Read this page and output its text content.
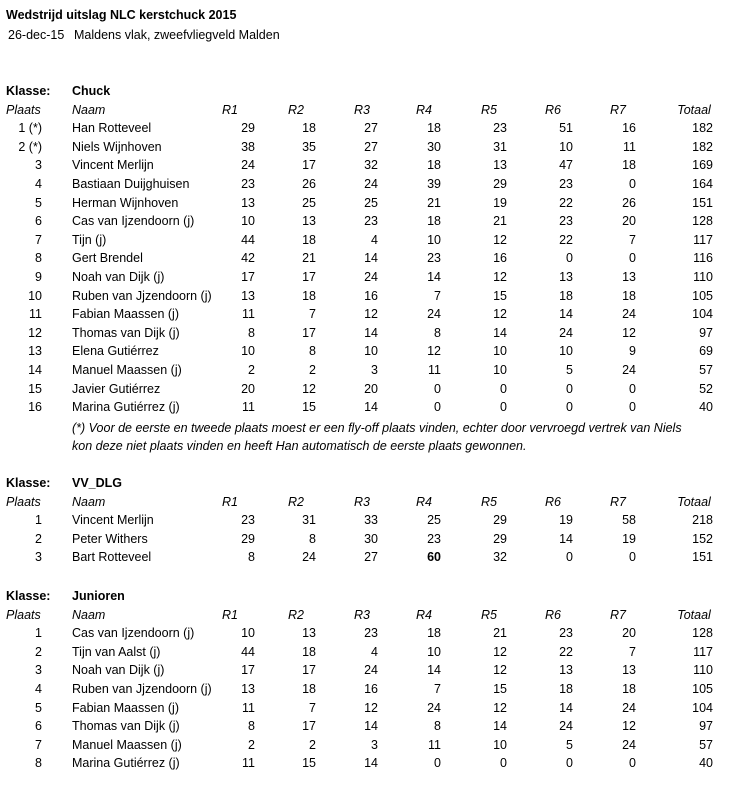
Wedstrijd uitslag NLC kerstchuck 2015
26-dec-15 Maldens vlak, zweefvliegveld Malden
Klasse: Chuck
Plaats	Naam	R1	R2	R3	R4	R5	R6	R7	Totaal
1 (*) Han Rotteveel	29	18	27	18	23	51	16	182
2 (*) Niels Wijnhoven	38	35	27	30	31	10	11	182
3 Vincent Merlijn	24	17	32	18	13	47	18	169
4 Bastiaan Duijghuisen	23	26	24	39	29	23	0	164
5 Herman Wijnhoven	13	25	25	21	19	22	26	151
6 Cas van Ijzendoorn (j)	10	13	23	18	21	23	20	128
7 Tijn (j)	44	18	4	10	12	22	7	117
8 Gert Brendel	42	21	14	23	16	0	0	116
9 Noah van Dijk (j)	17	17	24	14	12	13	13	110
10 Ruben van Jjzendoorn (j)	13	18	16	7	15	18	18	105
11 Fabian Maassen (j)	11	7	12	24	12	14	24	104
12 Thomas van Dijk (j)	8	17	14	8	14	24	12	97
13 Elena Gutiérrez	10	8	10	12	10	10	9	69
14 Manuel Maassen (j)	2	2	3	11	10	5	24	57
15 Javier Gutiérrez	20	12	20	0	0	0	0	52
16 Marina Gutiérrez (j)	11	15	14	0	0	0	0	40
(*) Voor de eerste en tweede plaats moest er een fly-off plaats vinden, echter door vervroegd vertrek van Niels
kon deze niet plaats vinden en heeft Han automatisch de eerste plaats gewonnen.
Klasse: VV_DLG
Plaats	Naam	R1	R2	R3	R4	R5	R6	R7	Totaal
1 Vincent Merlijn	23	31	33	25	29	19	58	218
2 Peter Withers	29	8	30	23	29	14	19	152
3 Bart Rotteveel	8	24	27	60	32	0	0	151
Klasse: Junioren
Plaats	Naam	R1	R2	R3	R4	R5	R6	R7	Totaal
1 Cas van Ijzendoorn (j)	10	13	23	18	21	23	20	128
2 Tijn van Aalst (j)	44	18	4	10	12	22	7	117
3 Noah van Dijk (j)	17	17	24	14	12	13	13	110
4 Ruben van Jjzendoorn (j)	13	18	16	7	15	18	18	105
5 Fabian Maassen (j)	11	7	12	24	12	14	24	104
6 Thomas van Dijk (j)	8	17	14	8	14	24	12	97
7 Manuel Maassen (j)	2	2	3	11	10	5	24	57
8 Marina Gutiérrez (j)	11	15	14	0	0	0	0	40
